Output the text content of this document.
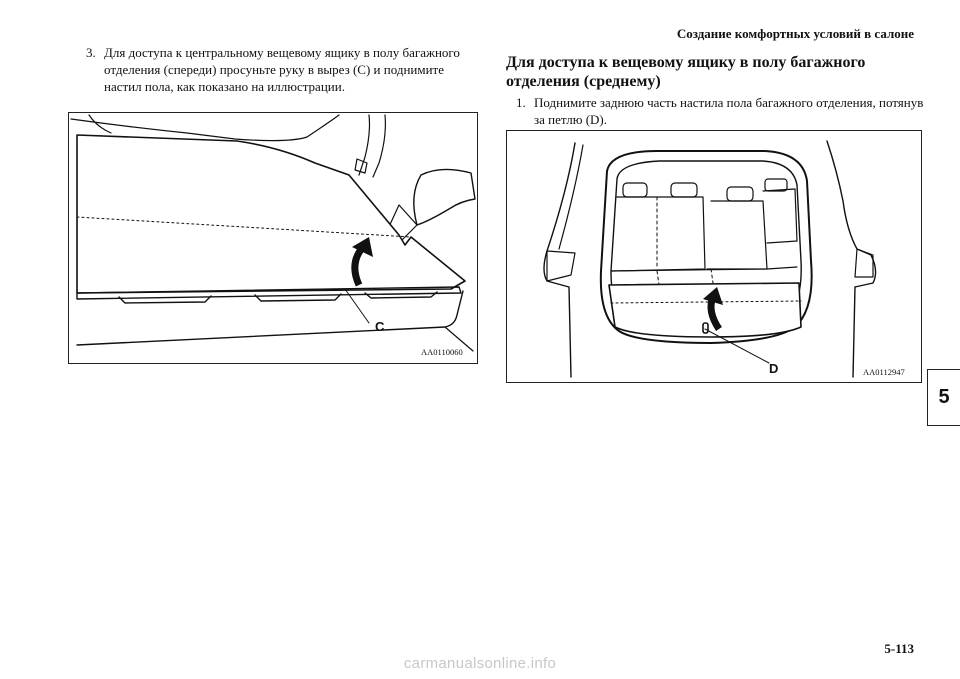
Создание комфортных условий в салоне
3. Для доступа к центральному вещевому ящику в полу багажного отделения (спереди) просуньте руку в вырез (C) и поднимите настил пола, как показано на иллюстрации.
C
AA0110060
Для доступа к вещевому ящику в полу багажного отделения (среднему)
1. Поднимите заднюю часть настила пола багажного отделения, потянув за петлю (D).
D	AA0112947
5
5-113
carmanualsonline.info
